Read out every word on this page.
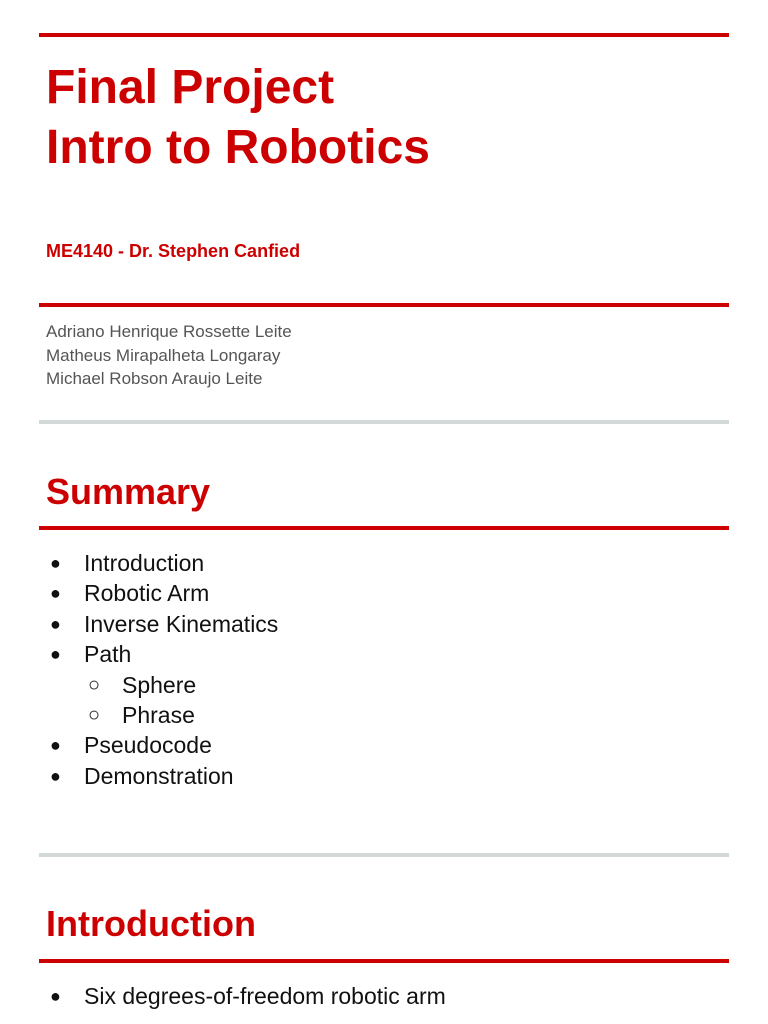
Final Project
Intro to Robotics
ME4140 - Dr. Stephen Canfied
Adriano Henrique Rossette Leite
Matheus Mirapalheta Longaray
Michael Robson Araujo Leite
Summary
● Introduction
● Robotic Arm
● Inverse Kinematics
● Path
○ Sphere
○ Phrase
● Pseudocode
● Demonstration
Introduction
● Six degrees-of-freedom robotic arm
